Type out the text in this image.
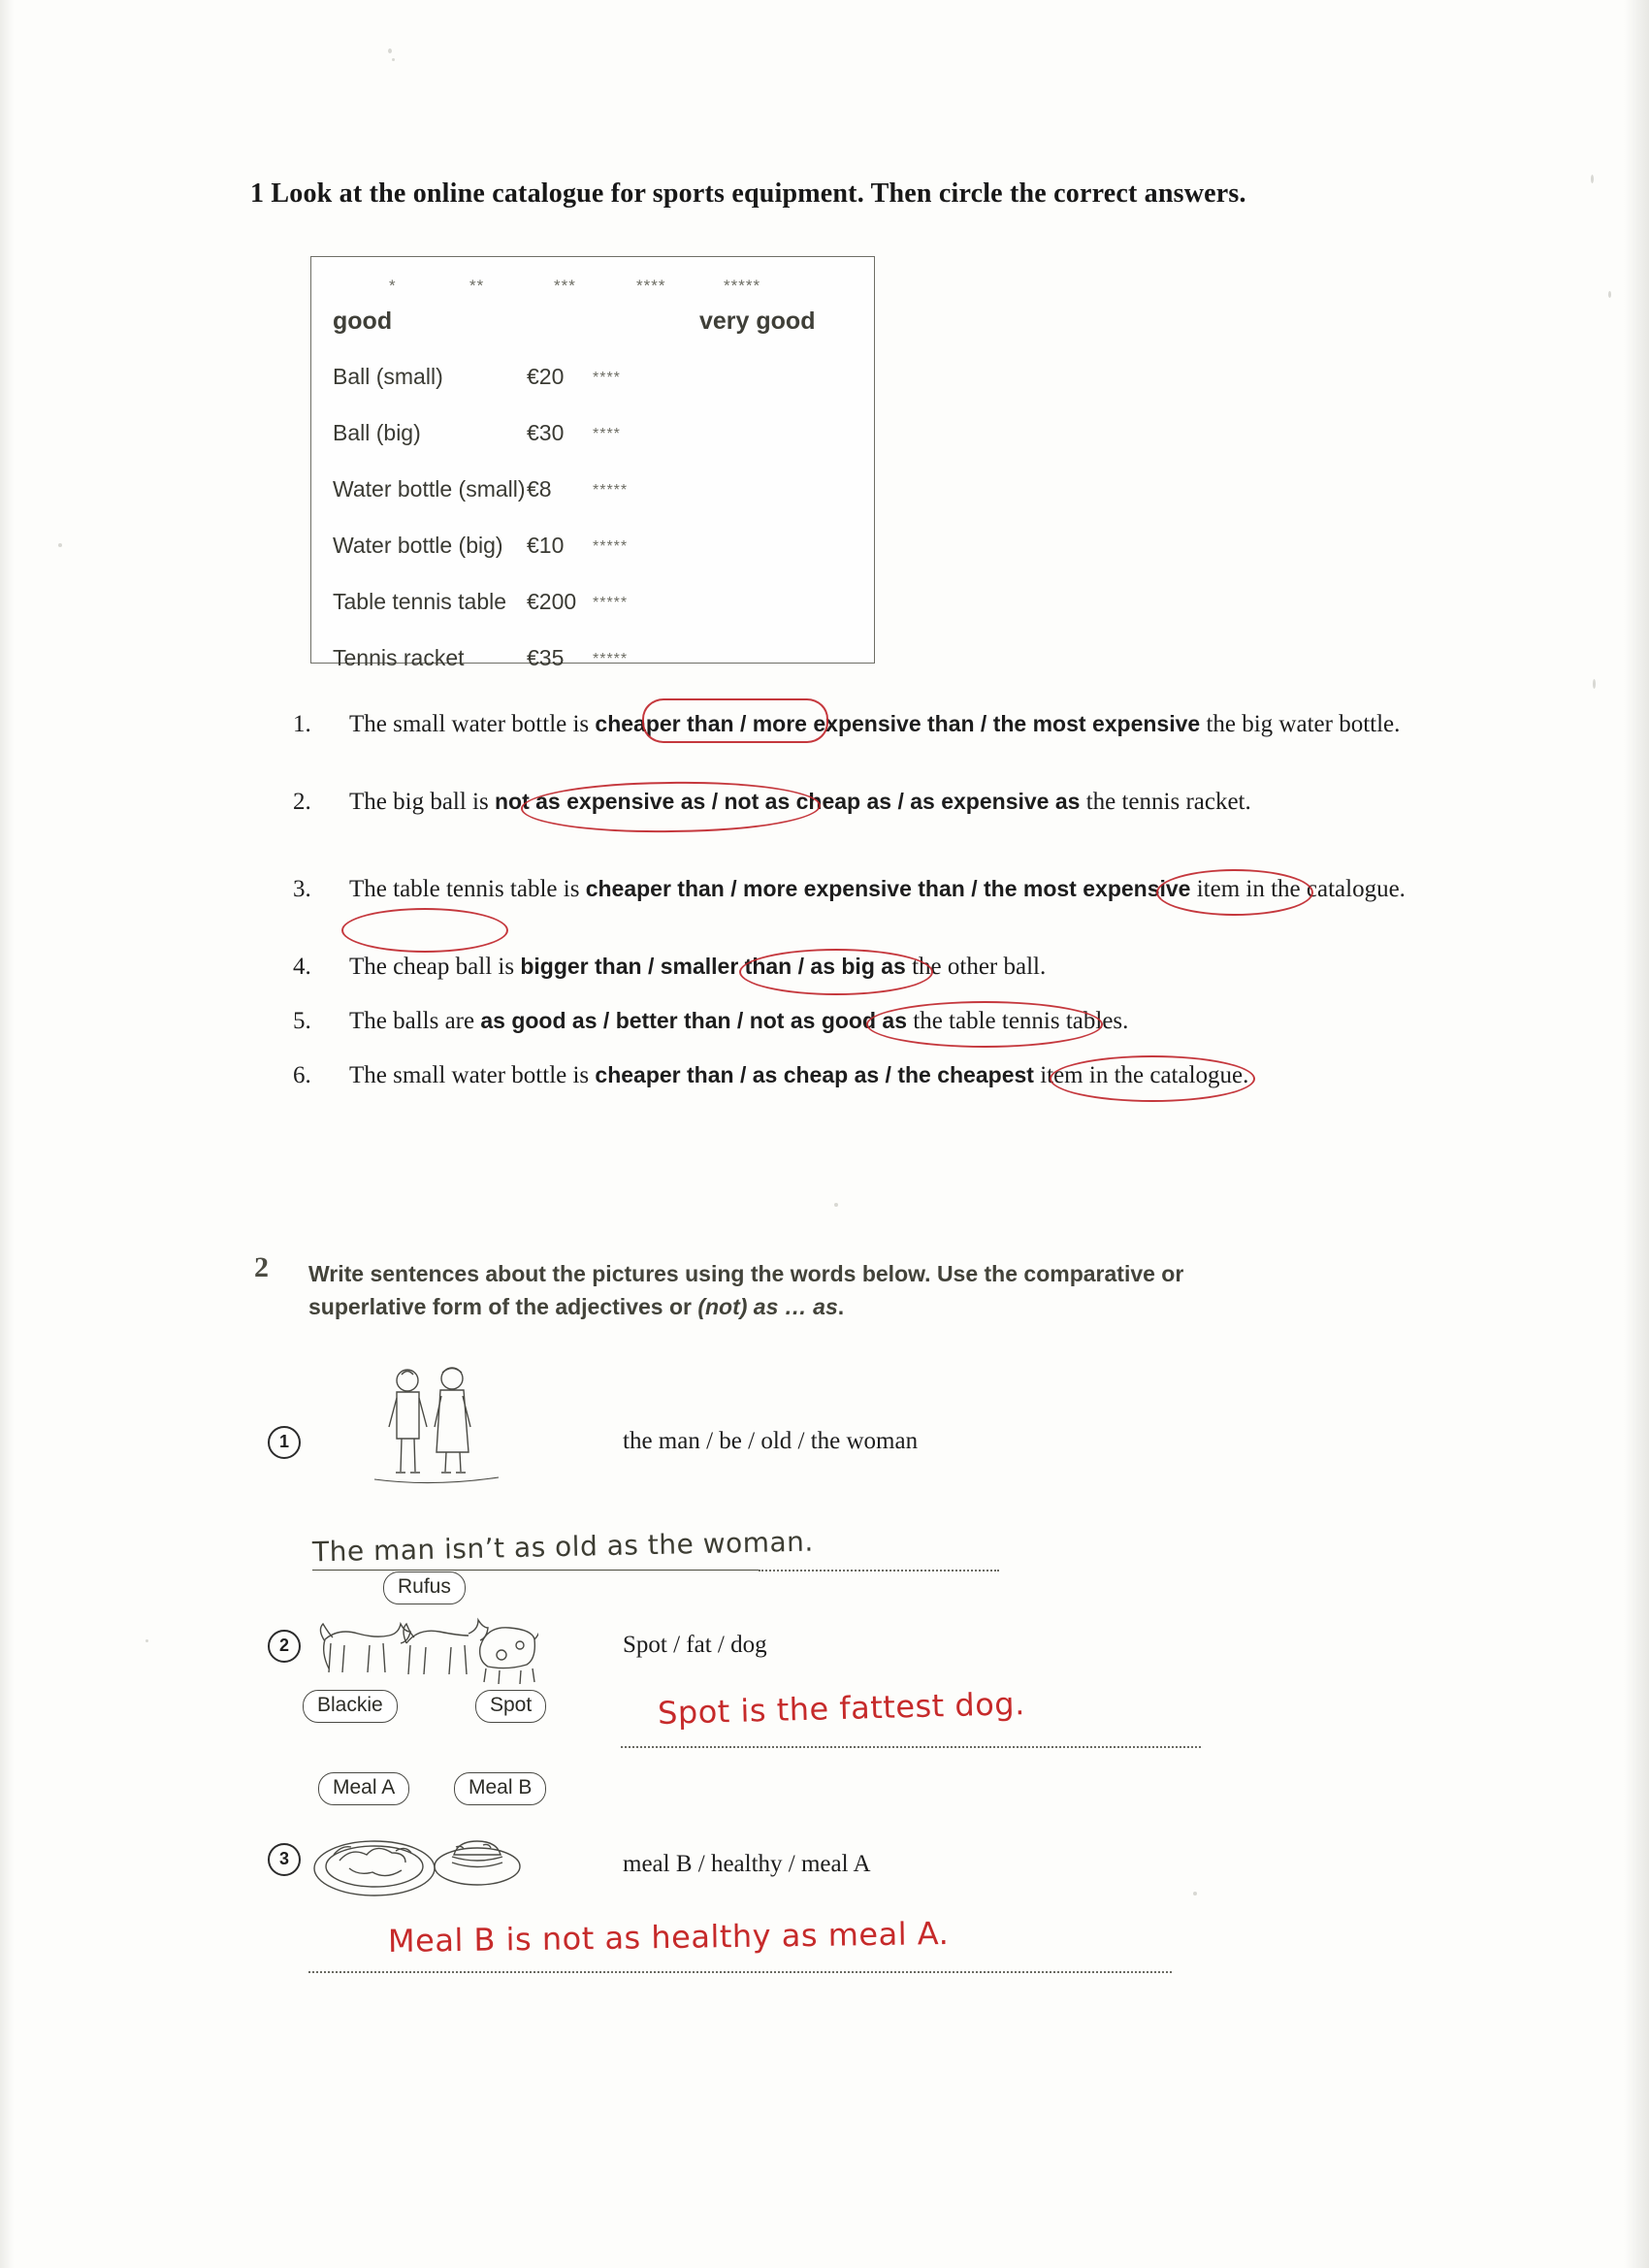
1 Look at the online catalogue for sports equipment. Then circle the correct answers.
*	**	***	****	*****
good	very good
Ball (small)	€20 ****
Ball (big)	€30 ****
Water bottle (small) €8	*****
Water bottle (big) €10 *****
Table tennis table €200 *****
Tennis racket	€35 *****
1. The small water bottle is cheaper than / more expensive than / the most expensive the big water bottle.
2. The big ball is not as expensive as / not as cheap as / as expensive as the tennis racket.
3. The table tennis table is cheaper than / more expensive than / the most expensive item in the catalogue.
4. The cheap ball is bigger than / smaller than / as big as the other ball.
5. The balls are as good as / better than / not as good as the table tennis tables.
6. The small water bottle is cheaper than / as cheap as / the cheapest item in the catalogue.
2 Write sentences about the pictures using the words below. Use the comparative or superlative form of the adjectives or (not) as … as.
1	the man / be / old / the woman
The man isn’t as old as the woman.
Rufus
2
Blackie	Spot
Spot / fat / dog
Spot is the fattest dog.
Meal A	Meal B
3	meal B / healthy / meal A
Meal B is not as healthy as meal A.
